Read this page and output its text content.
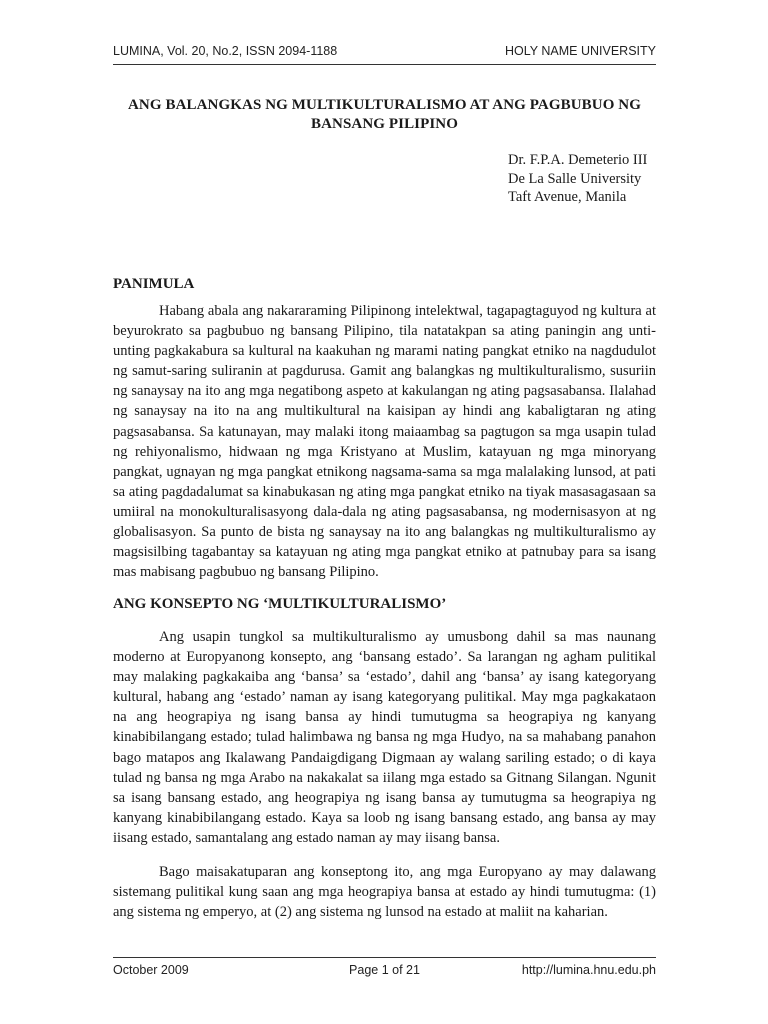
LUMINA, Vol. 20, No.2, ISSN 2094-1188	HOLY NAME UNIVERSITY
ANG BALANGKAS NG MULTIKULTURALISMO AT ANG PAGBUBUO NG
BANSANG PILIPINO
Dr. F.P.A. Demeterio III
De La Salle University
Taft Avenue, Manila
PANIMULA

Habang abala ang nakararaming Pilipinong intelektwal, tagapagtaguyod ng kultura at beyurokrato sa pagbubuo ng bansang Pilipino, tila natatakpan sa ating paningin ang unti-unting pagkakabura sa kultural na kaakuhan ng marami nating pangkat etniko na nagdudulot ng samut-saring suliranin at pagdurusa. Gamit ang balangkas ng multikulturalismo, susuriin ng sanaysay na ito ang mga negatibong aspeto at kakulangan ng ating pagsasabansa. Ilalahad ng sanaysay na ito na ang multikultural na kaisipan ay hindi ang kabaligtaran ng ating pagsasabansa. Sa katunayan, may malaki itong maiaambag sa pagtugon sa mga usapin tulad ng rehiyonalismo, hidwaan ng mga Kristyano at Muslim, katayuan ng mga minoryang pangkat, ugnayan ng mga pangkat etnikong nagsama-sama sa mga malalaking lunsod, at pati sa ating pagdadalumat sa kinabukasan ng ating mga pangkat etniko na tiyak masasagasaan sa umiiral na monokulturalisasyong dala-dala ng ating pagsasabansa, ng modernisasyon at ng globalisasyon. Sa punto de bista ng sanaysay na ito ang balangkas ng multikulturalismo ay magsisilbing tagabantay sa katayuan ng ating mga pangkat etniko at patnubay para sa isang mas mabisang pagbubuo ng bansang Pilipino.

ANG KONSEPTO NG ‘MULTIKULTURALISMO’

Ang usapin tungkol sa multikulturalismo ay umusbong dahil sa mas naunang moderno at Europyanong konsepto, ang ‘bansang estado’. Sa larangan ng agham pulitikal may malaking pagkakaiba ang ‘bansa’ sa ‘estado’, dahil ang ‘bansa’ ay isang kategoryang kultural, habang ang ‘estado’ naman ay isang kategoryang pulitikal. May mga pagkakataon na ang heograpiya ng isang bansa ay hindi tumutugma sa heograpiya ng kanyang kinabibilangang estado; tulad halimbawa ng bansa ng mga Hudyo, na sa mahabang panahon bago matapos ang Ikalawang Pandaigdigang Digmaan ay walang sariling estado; o di kaya tulad ng bansa ng mga Arabo na nakakalat sa iilang mga estado sa Gitnang Silangan. Ngunit sa isang bansang estado, ang heograpiya ng isang bansa ay tumutugma sa heograpiya ng kanyang kinabibilangang estado. Kaya sa loob ng isang bansang estado, ang bansa ay may iisang estado, samantalang ang estado naman ay may iisang bansa.

Bago maisakatuparan ang konseptong ito, ang mga Europyano ay may dalawang sistemang pulitikal kung saan ang mga heograpiya bansa at estado ay hindi tumutugma: (1) ang sistema ng emperyo, at (2) ang sistema ng lunsod na estado at maliit na kaharian.

October 2009	Page 1 of 21	http://lumina.hnu.edu.ph
